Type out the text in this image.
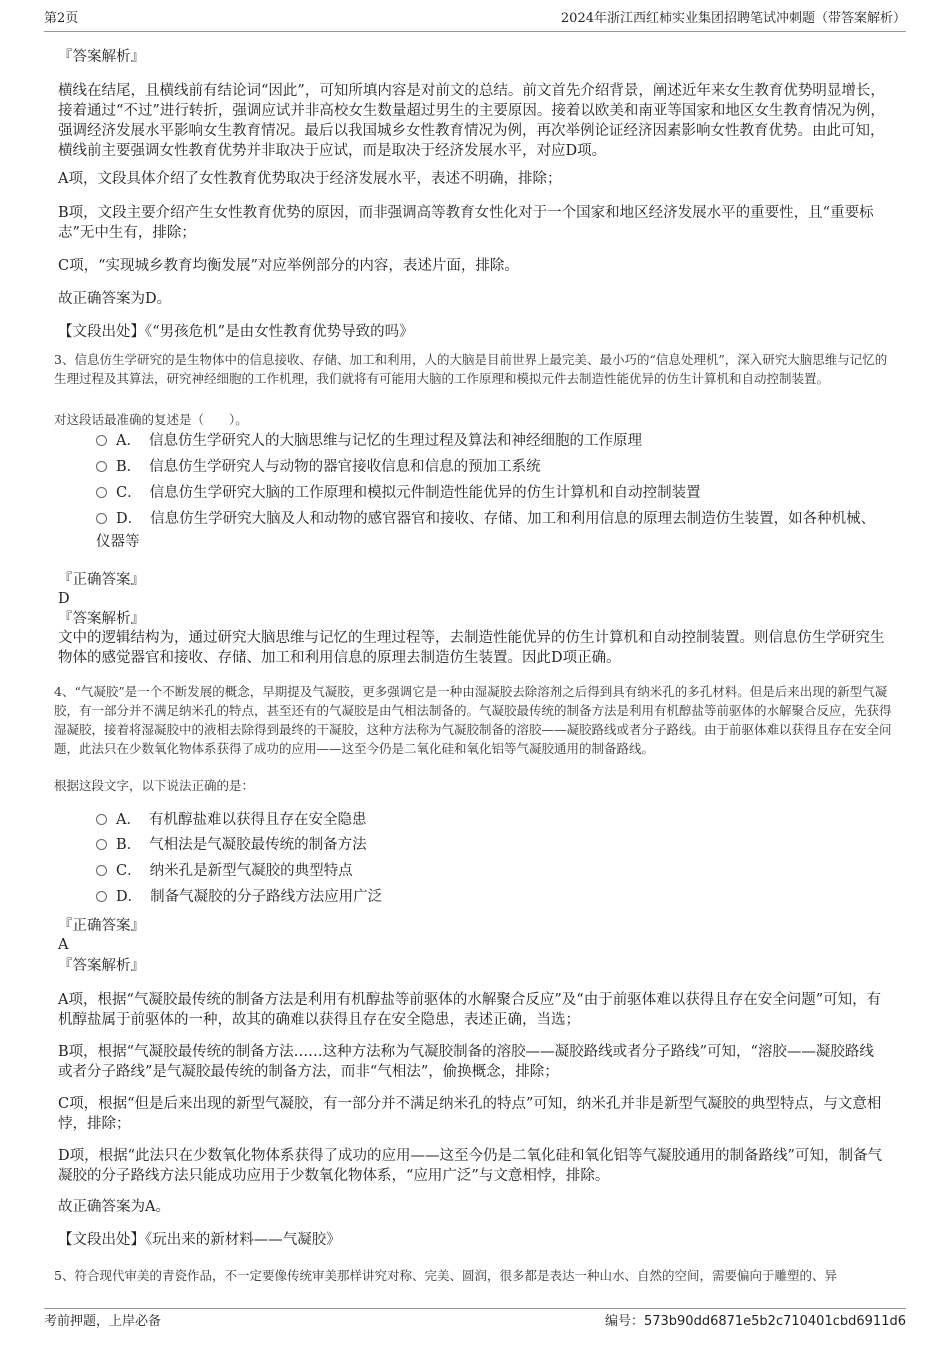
第2页	2024年浙江西红柿实业集团招聘笔试冲刺题（带答案解析）
『答案解析』
横线在结尾，且横线前有结论词“因此”，可知所填内容是对前文的总结。前文首先介绍背景，阐述近年来女生教育优势明显增长，接着通过“不过”进行转折，强调应试并非高校女生数量超过男生的主要原因。接着以欧美和南亚等国家和地区女生教育情况为例，强调经济发展水平影响女生教育情况。最后以我国城乡女性教育情况为例，再次举例论证经济因素影响女性教育优势。由此可知，横线前主要强调女性教育优势并非取决于应试，而是取决于经济发展水平，对应D项。
A项，文段具体介绍了女性教育优势取决于经济发展水平，表述不明确，排除；
B项，文段主要介绍产生女性教育优势的原因，而非强调高等教育女性化对于一个国家和地区经济发展水平的重要性，且“重要标志”无中生有，排除；
C项，“实现城乡教育均衡发展”对应举例部分的内容，表述片面，排除。
故正确答案为D。
【文段出处】《“男孩危机”是由女性教育优势导致的吗》
3、信息仿生学研究的是生物体中的信息接收、存储、加工和利用，人的大脑是目前世界上最完美、最小巧的“信息处理机”，深入研究大脑思维与记忆的生理过程及其算法，研究神经细胞的工作机理，我们就将有可能用大脑的工作原理和模拟元件去制造性能优异的仿生计算机和自动控制装置。
对这段话最准确的复述是（　　）。
A． 信息仿生学研究人的大脑思维与记忆的生理过程及算法和神经细胞的工作原理
B． 信息仿生学研究人与动物的器官接收信息和信息的预加工系统
C． 信息仿生学研究大脑的工作原理和模拟元件制造性能优异的仿生计算机和自动控制装置
D． 信息仿生学研究大脑及人和动物的感官器官和接收、存储、加工和利用信息的原理去制造仿生装置，如各种机械、仪器等
『正确答案』
D
『答案解析』
文中的逻辑结构为，通过研究大脑思维与记忆的生理过程等，去制造性能优异的仿生计算机和自动控制装置。则信息仿生学研究生物体的感觉器官和接收、存储、加工和利用信息的原理去制造仿生装置。因此D项正确。
4、“气凝胶”是一个不断发展的概念，早期提及气凝胶，更多强调它是一种由湿凝胶去除溶剂之后得到具有纳米孔的多孔材料。但是后来出现的新型气凝胶，有一部分并不满足纳米孔的特点，甚至还有的气凝胶是由气相法制备的。气凝胶最传统的制备方法是利用有机醇盐等前驱体的水解聚合反应，先获得湿凝胶，接着将湿凝胶中的液相去除得到最终的干凝胶，这种方法称为气凝胶制备的溶胶——凝胶路线或者分子路线。由于前驱体难以获得且存在安全问题，此法只在少数氧化物体系获得了成功的应用——这至今仍是二氧化硅和氧化铝等气凝胶通用的制备路线。
根据这段文字，以下说法正确的是：
A． 有机醇盐难以获得且存在安全隐患
B． 气相法是气凝胶最传统的制备方法
C． 纳米孔是新型气凝胶的典型特点
D． 制备气凝胶的分子路线方法应用广泛
『正确答案』
A
『答案解析』
A项，根据“气凝胶最传统的制备方法是利用有机醇盐等前驱体的水解聚合反应”及“由于前驱体难以获得且存在安全问题”可知，有机醇盐属于前驱体的一种，故其的确难以获得且存在安全隐患，表述正确，当选；
B项，根据“气凝胶最传统的制备方法……这种方法称为气凝胶制备的溶胶——凝胶路线或者分子路线”可知，“溶胶——凝胶路线或者分子路线”是气凝胶最传统的制备方法，而非“气相法”，偷换概念，排除；
C项，根据“但是后来出现的新型气凝胶，有一部分并不满足纳米孔的特点”可知，纳米孔并非是新型气凝胶的典型特点，与文意相悖，排除；
D项，根据“此法只在少数氧化物体系获得了成功的应用——这至今仍是二氧化硅和氧化铝等气凝胶通用的制备路线”可知，制备气凝胶的分子路线方法只能成功应用于少数氧化物体系，“应用广泛”与文意相悖，排除。
故正确答案为A。
【文段出处】《玩出来的新材料——气凝胶》
5、符合现代审美的青瓷作品，不一定要像传统审美那样讲究对称、完美、圆润，很多都是表达一种山水、自然的空间，需要偏向于雕塑的、异
考前押题，上岸必备	编号：573b90dd6871e5b2c710401cbd6911d6
